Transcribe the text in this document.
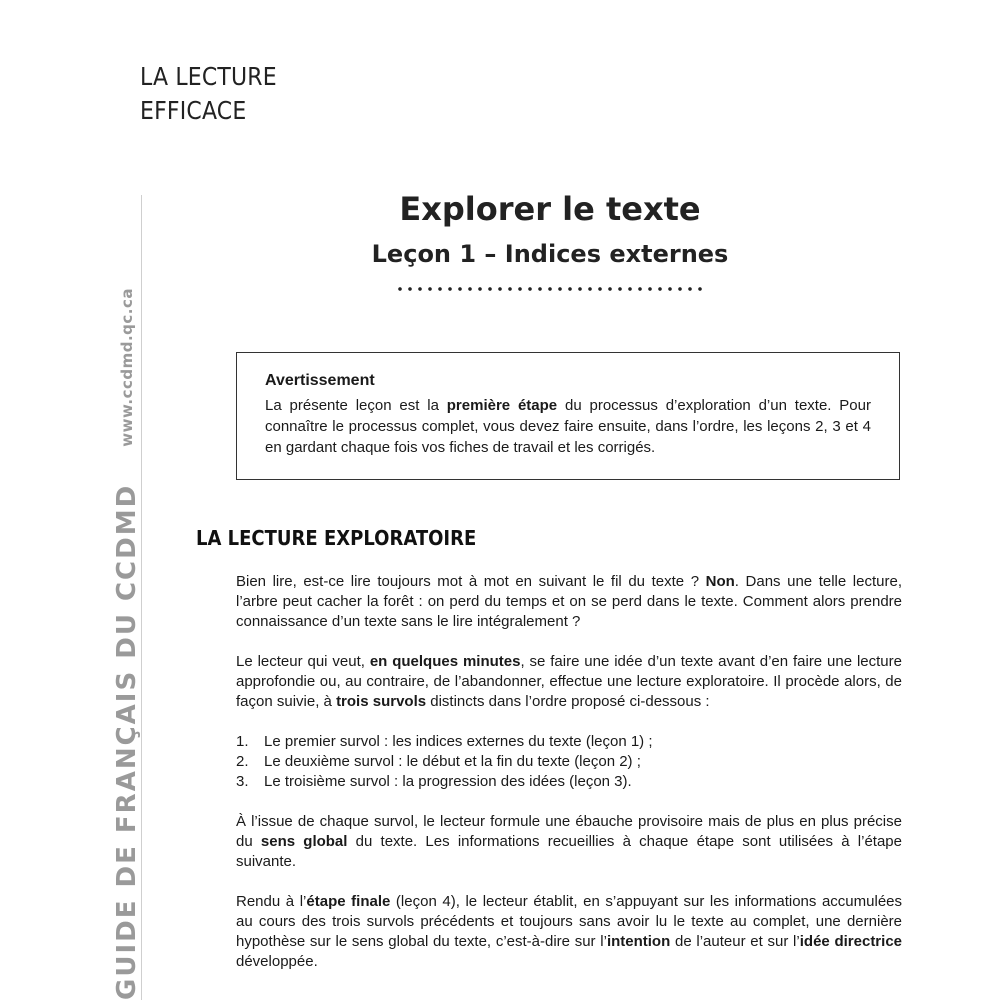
LA LECTURE
EFFICACE
GUIDE DE FRANÇAIS DU CCDMD www.ccdmd.qc.ca
Explorer le texte
Leçon 1 – Indices externes
Avertissement
La présente leçon est la première étape du processus d’exploration d’un texte. Pour connaître le processus complet, vous devez faire ensuite, dans l’ordre, les leçons 2, 3 et 4 en gardant chaque fois vos fiches de travail et les corrigés.
LA LECTURE EXPLORATOIRE

Bien lire, est-ce lire toujours mot à mot en suivant le fil du texte ? Non. Dans une telle lecture, l’arbre peut cacher la forêt : on perd du temps et on se perd dans le texte. Comment alors prendre connaissance d’un texte sans le lire intégralement ?

Le lecteur qui veut, en quelques minutes, se faire une idée d’un texte avant d’en faire une lecture approfondie ou, au contraire, de l’abandonner, effectue une lecture exploratoire. Il procède alors, de façon suivie, à trois survols distincts dans l’ordre proposé ci-dessous :

1.	Le premier survol : les indices externes du texte (leçon 1) ;
2.	Le deuxième survol : le début et la fin du texte (leçon 2) ;
3.	Le troisième survol : la progression des idées (leçon 3).

À l’issue de chaque survol, le lecteur formule une ébauche provisoire mais de plus en plus précise du sens global du texte. Les informations recueillies à chaque étape sont utilisées à l’étape suivante.

Rendu à l’étape finale (leçon 4), le lecteur établit, en s’appuyant sur les informations accumulées au cours des trois survols précédents et toujours sans avoir lu le texte au complet, une dernière hypothèse sur le sens global du texte, c’est-à-dire sur l’intention de l’auteur et sur l’idée directrice développée.
